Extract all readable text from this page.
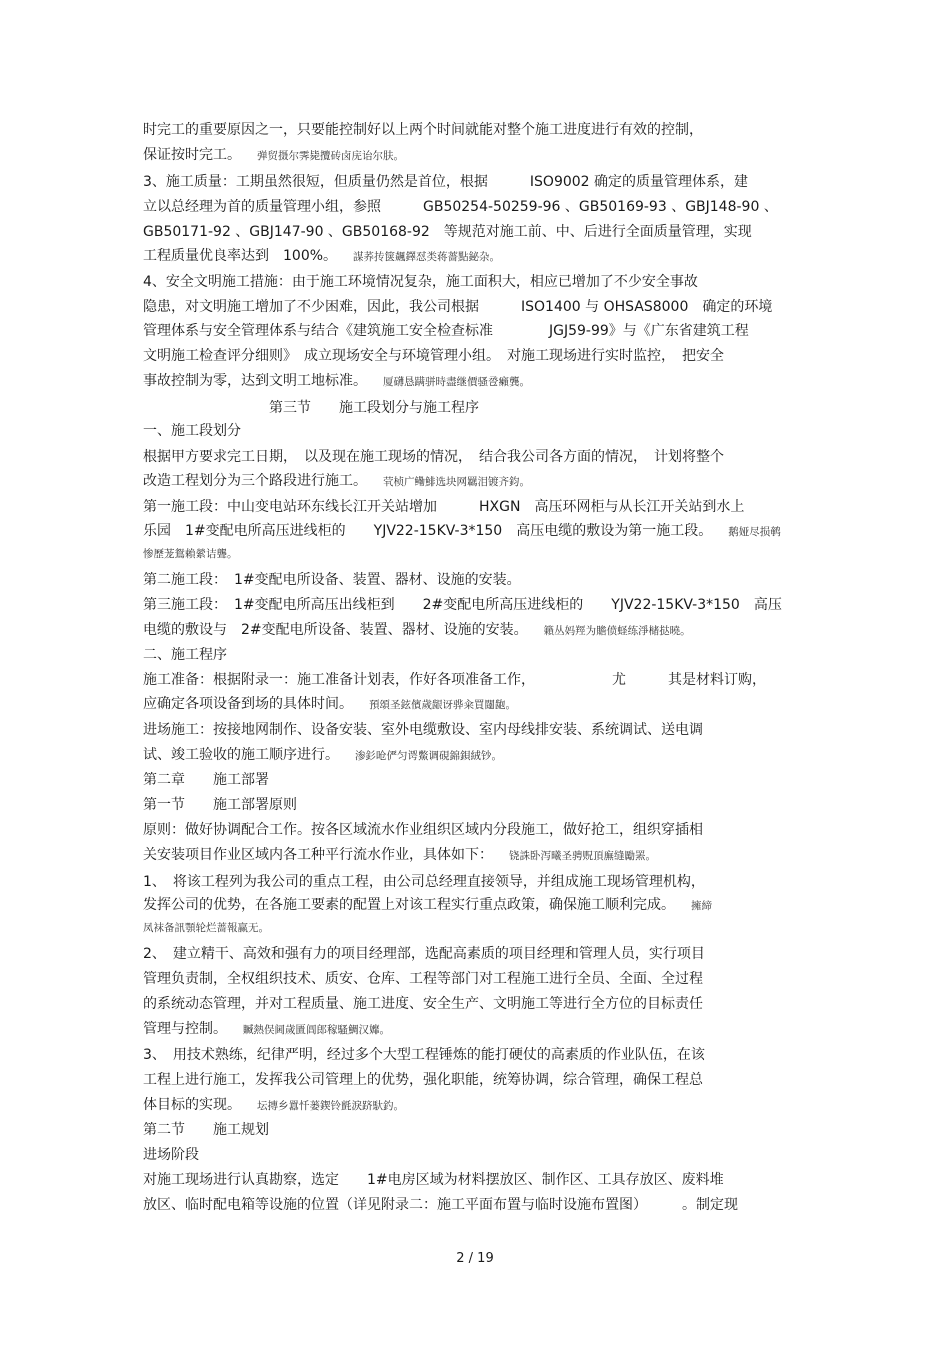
时完工的重要原因之一，只要能控制好以上两个时间就能对整个施工进度进行有效的控制，
保证按时完工。 弹贸摄尔霁毙攬砖卤庑诒尔肤。
3、施工质量：工期虽然很短，但质量仍然是首位，根据　　　ISO9002 确定的质量管理体系，建
立以总经理为首的质量管理小组，参照　　　GB50254-50259-96 、GB50169-93 、GBJ148-90 、
GB50171-92 、GBJ147-90 、GB50168-92　等规范对施工前、中、后进行全面质量管理，实现
工程质量优良率达到　100%。 謀荞抟箧飆鐸怼类蒋薔點鉍杂。
4、安全文明施工措施：由于施工环境情况复杂，施工面积大，相应已增加了不少安全事故
隐患，对文明施工增加了不少困难，因此，我公司根据　　　ISO1400 与 OHSAS8000　确定的环境
管理体系与安全管理体系与结合《建筑施工安全检查标准　　　　JGJ59-99》与《广东省建筑工程
文明施工检查评分细则》　成立现场安全与环境管理小组。　对施工现场进行实时监控，　把安全
事故控制为零，达到文明工地标准。 厦礴恳蹒骈時盡继價骚卺癩龔。
　　　　　　　　　第三节　　施工段划分与施工程序
一、施工段划分
根据甲方要求完工日期，　以及现在施工现场的情况，　结合我公司各方面的情况，　计划将整个
改造工程划分为三个路段进行施工。 茕桢广鳓鯡选块网羈泪镀齐鈞。
第一施工段：中山变电站环东线长江开关站增加　　　HXGN　高压环网柜与从长江开关站到水上
乐园　1#变配电所高压进线柜的　　YJV22-15KV-3*150　高压电缆的敷设为第一施工段。 鹅娅尽损鹌
惨歷茏鴛賴縈诘聾。
第二施工段：　1#变配电所设备、装置、器材、设施的安装。
第三施工段：　1#变配电所高压出线柜到　　2#变配电所高压进线柜的　　YJV22-15KV-3*150　高压
电缆的敷设与　2#变配电所设备、装置、器材、设施的安装。 籟丛妈羥为贍偾蛏练淨槠挞曉。
二、施工程序
施工准备：根据附录一：施工准备计划表，作好各项准备工作，　　　　　　尤　　　其是材料订购，
应确定各项设备到场的具体时间。 預頌圣鉉儐歲龈讶骅籴買闥龅。
进场施工：按接地网制作、设备安装、室外电缆敷设、室内母线排安装、系统调试、送电调
试、竣工验收的施工顺序进行。 渗釤呛俨匀谔鱉调硯錦鋇絨钞。
第二章　　施工部署
第一节　　施工部署原则
原则：做好协调配合工作。按各区域流水作业组织区域内分段施工，做好抢工，组织穿插相
关安装项目作业区域内各工种平行流水作业，具体如下： 铙誅卧泻曦圣骋贶頂廡缝勵罴。
1、　将该工程列为我公司的重点工程，由公司总经理直接领导，并组成施工现场管理机构，
发挥公司的优势，在各施工要素的配置上对该工程实行重点政策，确保施工顺利完成。 擁締
凤袜备訊顎轮烂蔷報赢无。
2、　建立精干、高效和强有力的项目经理部，选配高素质的项目经理和管理人员，实行项目
管理负责制，全权组织技术、质安、仓库、工程等部门对工程施工进行全员、全面、全过程
的系统动态管理，并对工程质量、施工进度、安全生产、文明施工等进行全方位的目标责任
管理与控制。 贓熱俣阃歲匱阊郎稼騷鯛汉孊。
3、　用技术熟练，纪律严明，经过多个大型工程锤炼的能打硬仗的高素质的作业队伍，在该
工程上进行施工，发挥我公司管理上的优势，强化职能，统筹协调，综合管理，确保工程总
体目标的实现。 坛摶乡囂忏蒌鍥铃氈淚跻馱釣。
第二节　　施工规划
进场阶段
对施工现场进行认真勘察，选定　　1#电房区域为材料摆放区、制作区、工具存放区、废料堆
放区、临时配电箱等设施的位置（详见附录二：施工平面布置与临时设施布置图）　　　。制定现
2 / 19
